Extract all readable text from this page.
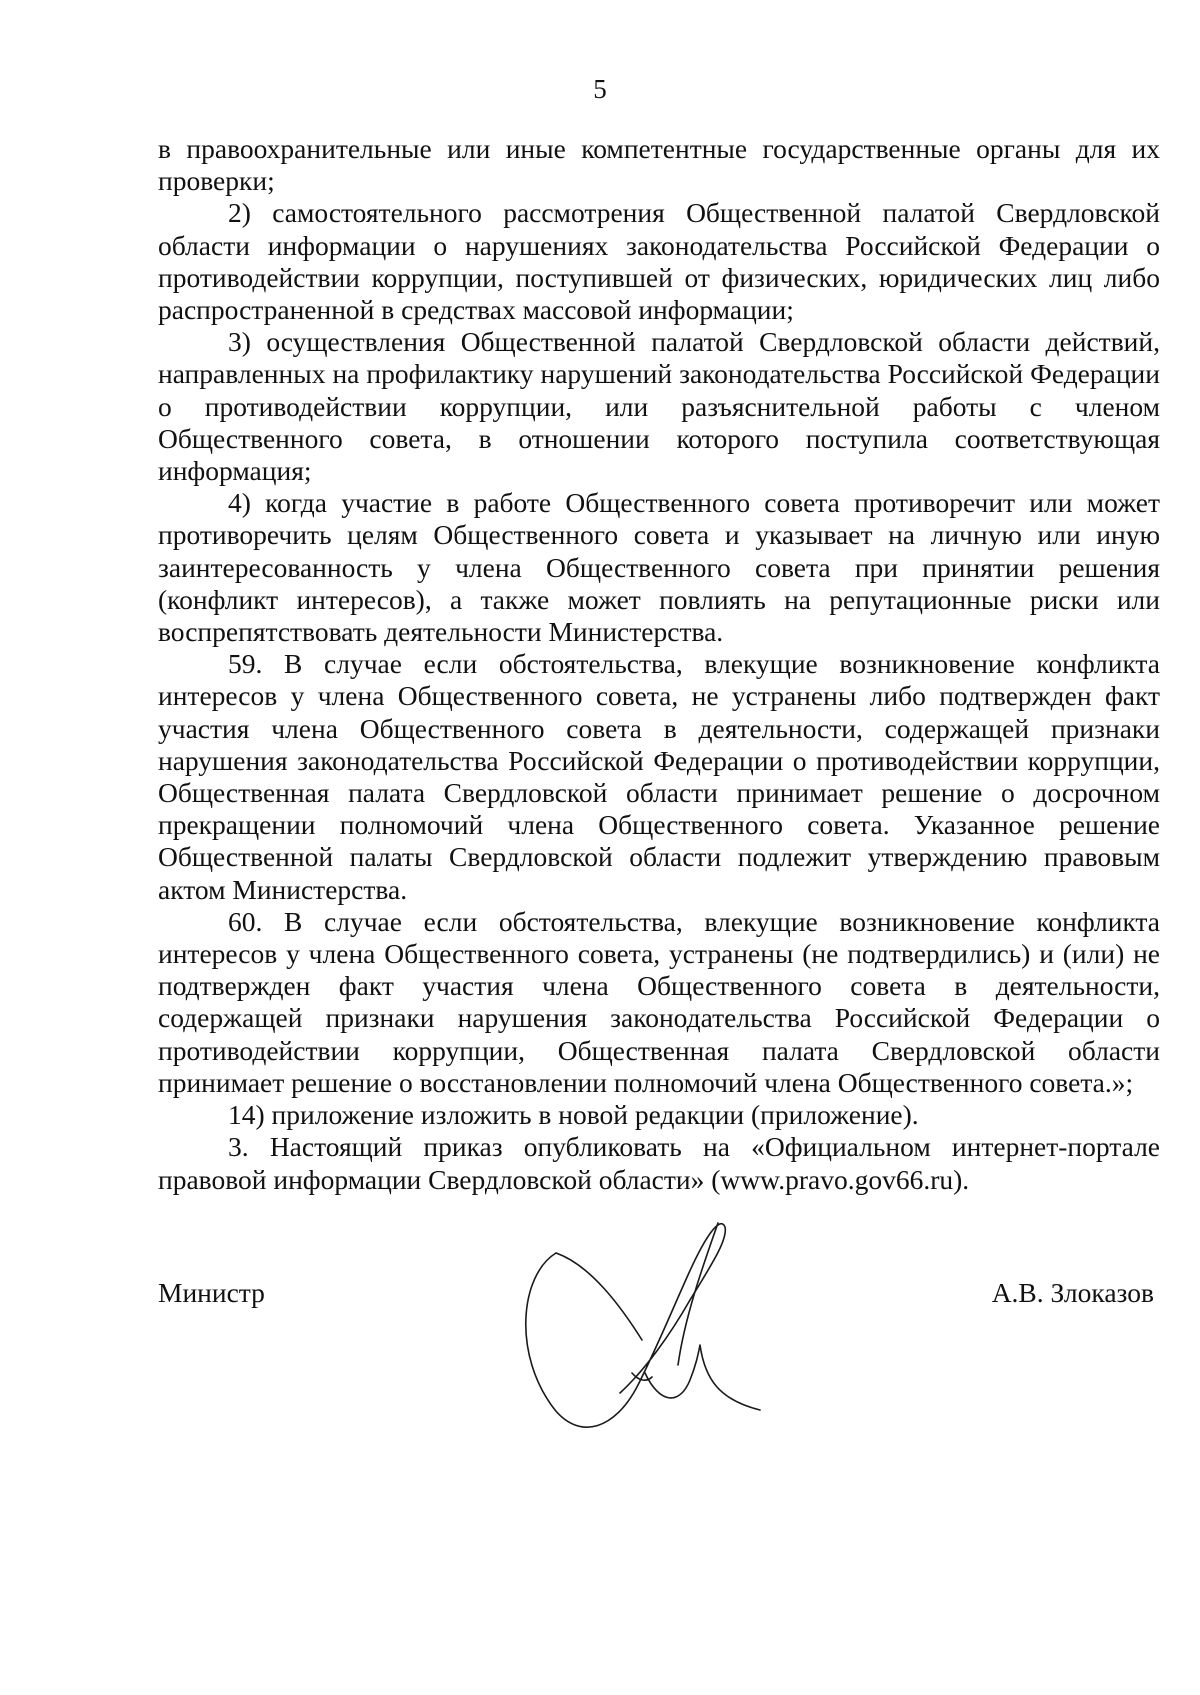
5

в правоохранительные или иные компетентные государственные органы для их проверки;

2) самостоятельного рассмотрения Общественной палатой Свердловской области информации о нарушениях законодательства Российской Федерации о противодействии коррупции, поступившей от физических, юридических лиц либо распространенной в средствах массовой информации;

3) осуществления Общественной палатой Свердловской области действий, направленных на профилактику нарушений законодательства Российской Федерации о противодействии коррупции, или разъяснительной работы с членом Общественного совета, в отношении которого поступила соответствующая информация;

4) когда участие в работе Общественного совета противоречит или может противоречить целям Общественного совета и указывает на личную или иную заинтересованность у члена Общественного совета при принятии решения (конфликт интересов), а также может повлиять на репутационные риски или воспрепятствовать деятельности Министерства.

59. В случае если обстоятельства, влекущие возникновение конфликта интересов у члена Общественного совета, не устранены либо подтвержден факт участия члена Общественного совета в деятельности, содержащей признаки нарушения законодательства Российской Федерации о противодействии коррупции, Общественная палата Свердловской области принимает решение о досрочном прекращении полномочий члена Общественного совета. Указанное решение Общественной палаты Свердловской области подлежит утверждению правовым актом Министерства.

60. В случае если обстоятельства, влекущие возникновение конфликта интересов у члена Общественного совета, устранены (не подтвердились) и (или) не подтвержден факт участия члена Общественного совета в деятельности, содержащей признаки нарушения законодательства Российской Федерации о противодействии коррупции, Общественная палата Свердловской области принимает решение о восстановлении полномочий члена Общественного совета.»;

14) приложение изложить в новой редакции (приложение).

3. Настоящий приказ опубликовать на «Официальном интернет-портале правовой информации Свердловской области» (www.pravo.gov66.ru).

Министр	А.В. Злоказов
